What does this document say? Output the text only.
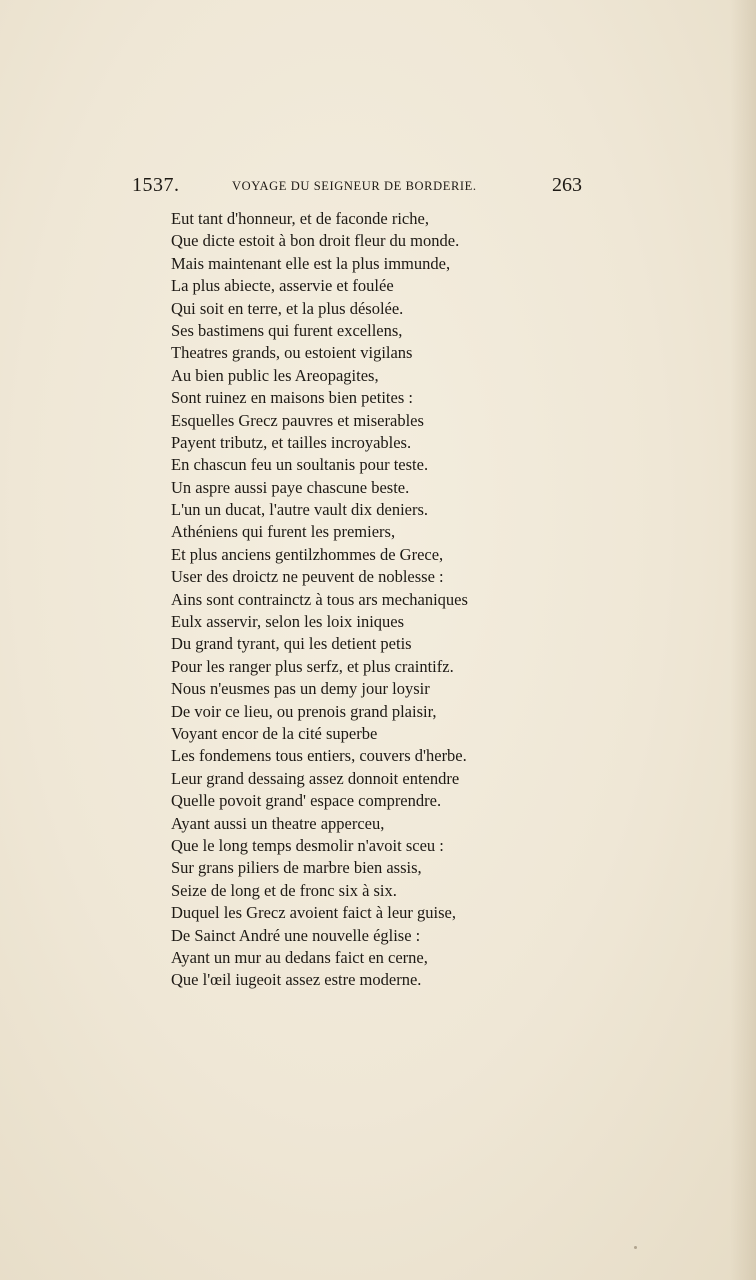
1537.	VOYAGE DU SEIGNEUR DE BORDERIE.	263
Eut tant d'honneur, et de faconde riche,
Que dicte estoit à bon droit fleur du monde.
Mais maintenant elle est la plus immunde,
La plus abiecte, asservie et foulée
Qui soit en terre, et la plus désolée.
Ses bastimens qui furent excellens,
Theatres grands, ou estoient vigilans
Au bien public les Areopagites,
Sont ruinez en maisons bien petites :
Esquelles Grecz pauvres et miserables
Payent tributz, et tailles incroyables.
En chascun feu un soultanis pour teste.
Un aspre aussi paye chascune beste.
L'un un ducat, l'autre vault dix deniers.
Athéniens qui furent les premiers,
Et plus anciens gentilzhommes de Grece,
User des droictz ne peuvent de noblesse :
Ains sont contrainctz à tous ars mechaniques
Eulx asservir, selon les loix iniques
Du grand tyrant, qui les detient petis
Pour les ranger plus serfz, et plus craintifz.
Nous n'eusmes pas un demy jour loysir
De voir ce lieu, ou prenois grand plaisir,
Voyant encor de la cité superbe
Les fondemens tous entiers, couvers d'herbe.
Leur grand dessaing assez donnoit entendre
Quelle povoit grand' espace comprendre.
Ayant aussi un theatre apperceu,
Que le long temps desmolir n'avoit sceu :
Sur grans piliers de marbre bien assis,
Seize de long et de fronc six à six.
Duquel les Grecz avoient faict à leur guise,
De Sainct André une nouvelle église :
Ayant un mur au dedans faict en cerne,
Que l'œil iugeoit assez estre moderne.
